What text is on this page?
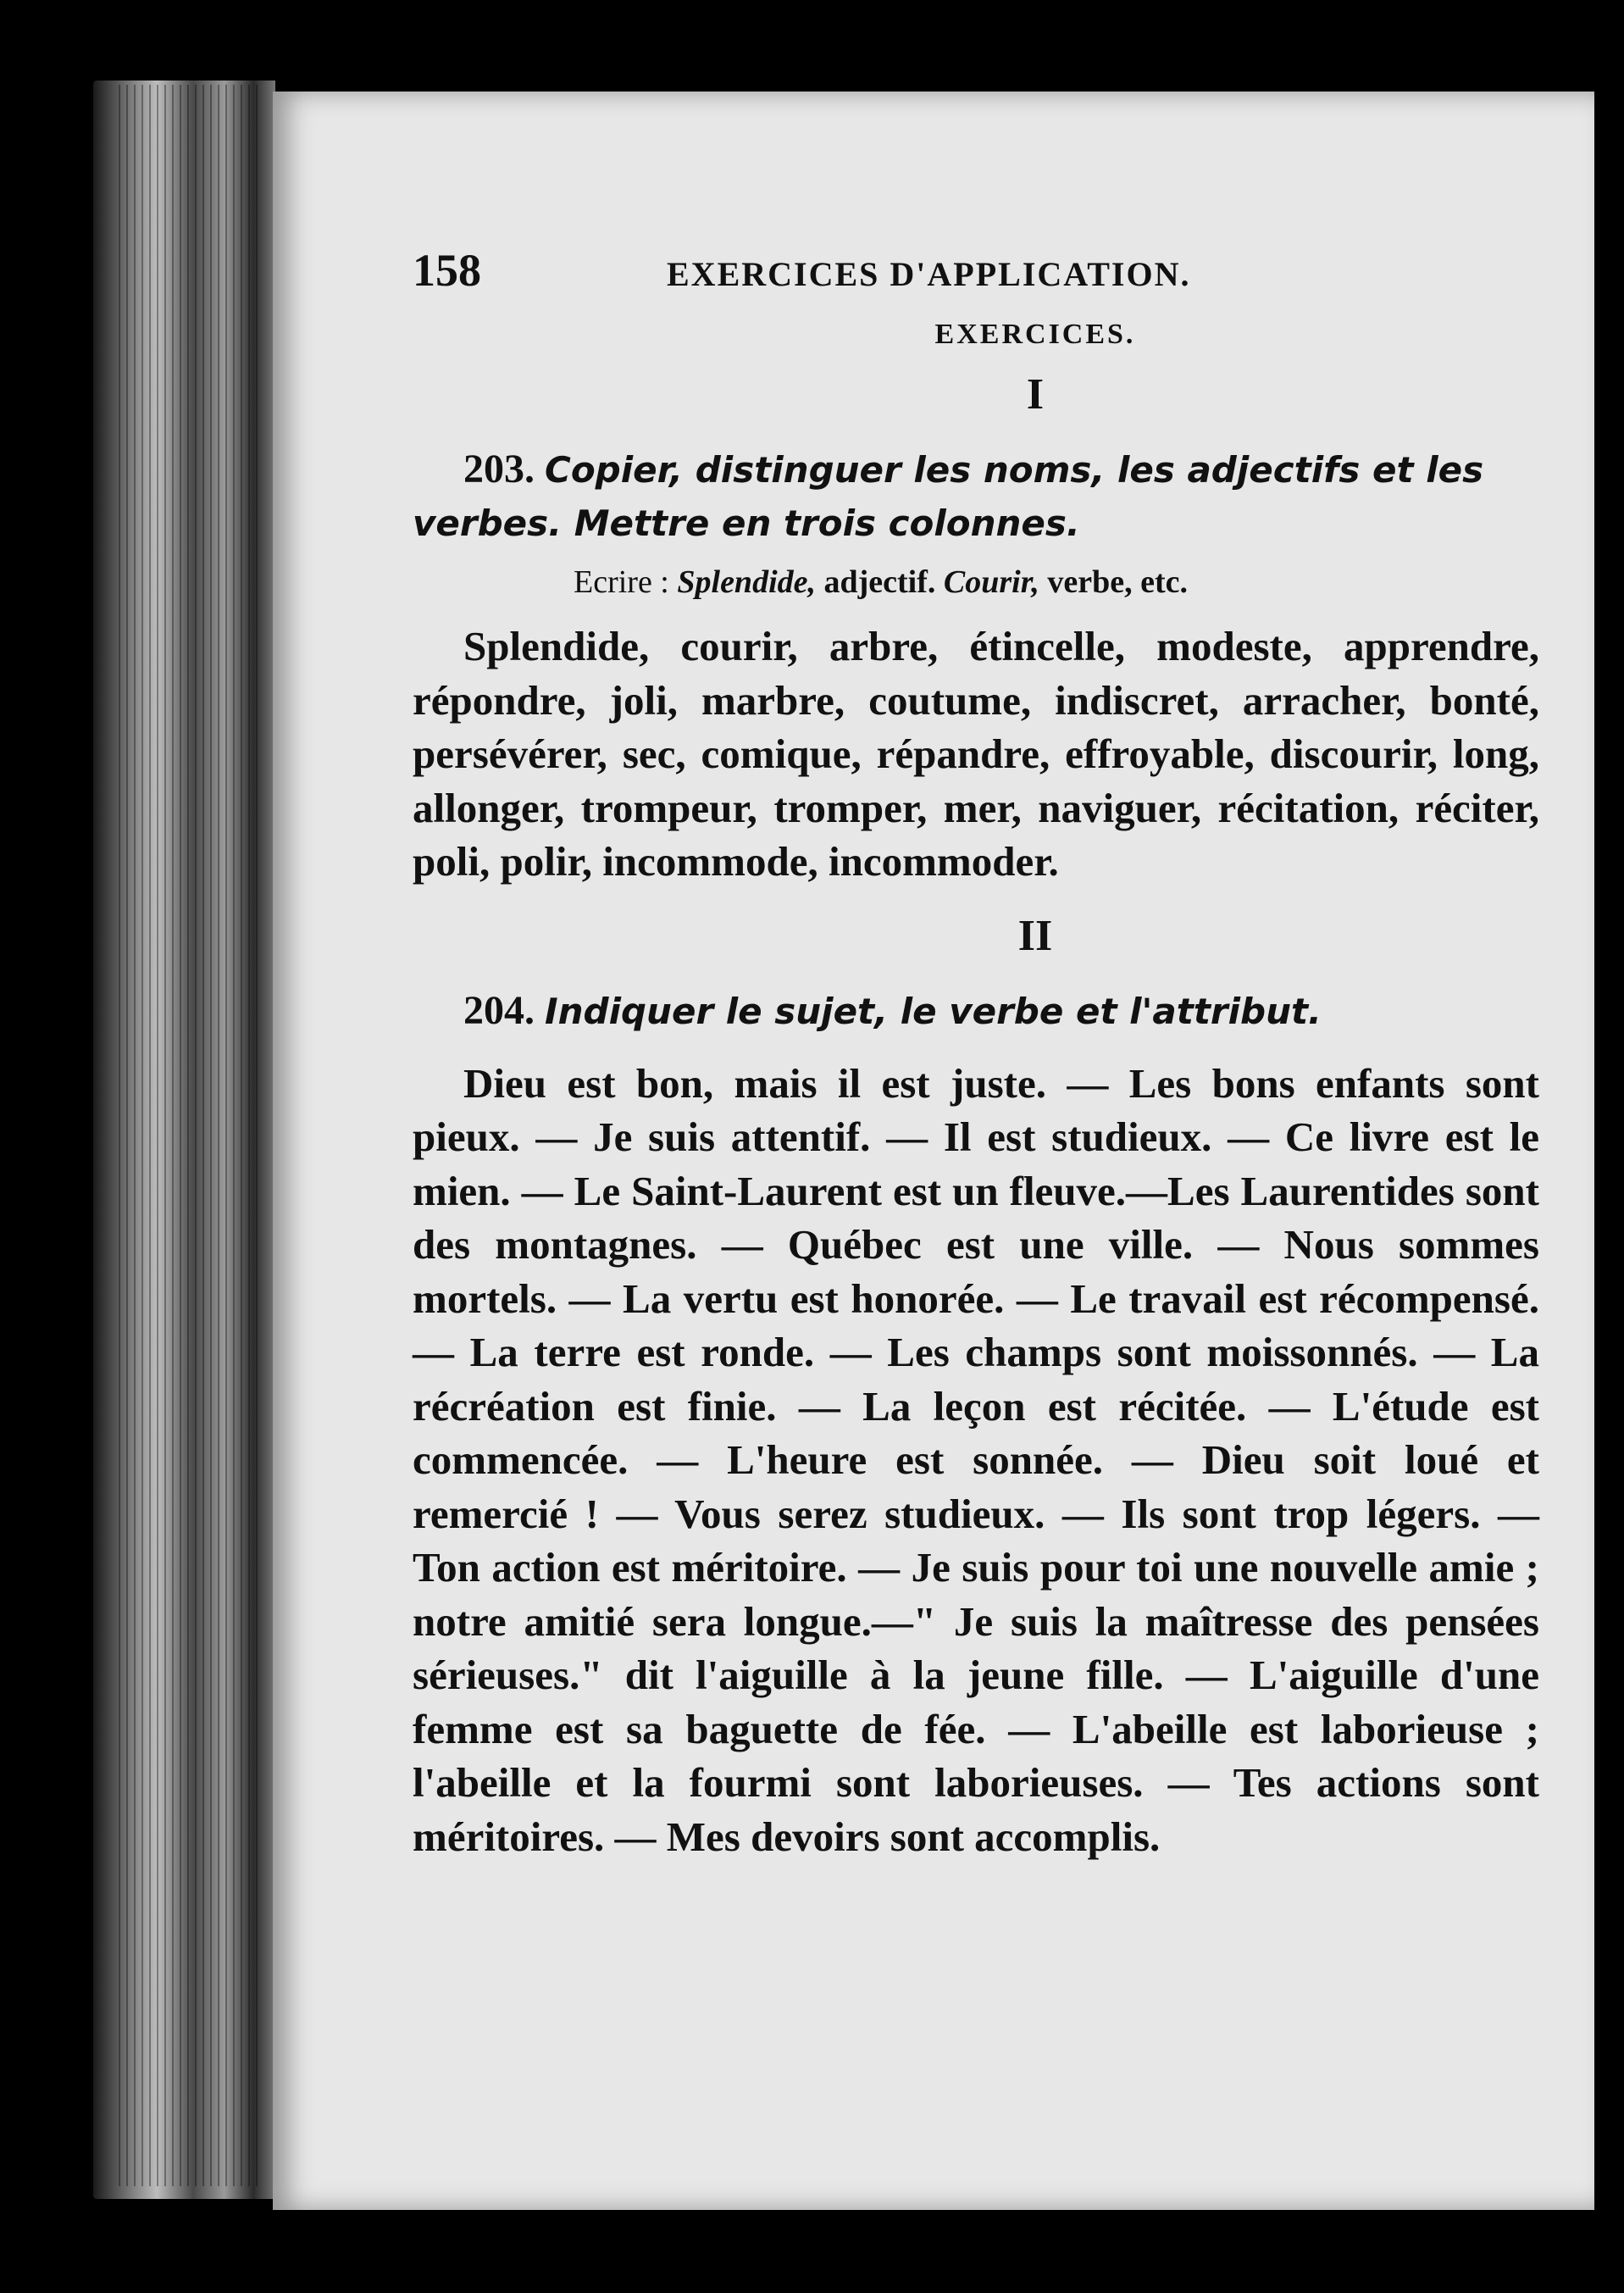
158	EXERCICES D'APPLICATION.
EXERCICES.
I
203. Copier, distinguer les noms, les adjectifs et les verbes. Mettre en trois colonnes.
Ecrire : Splendide, adjectif. Courir, verbe, etc.
Splendide, courir, arbre, étincelle, modeste, apprendre, répondre, joli, marbre, coutume, indiscret, arracher, bonté, persévérer, sec, comique, répandre, effroyable, discourir, long, allonger, trompeur, tromper, mer, naviguer, récitation, réciter, poli, polir, incommode, incommoder.
II
204. Indiquer le sujet, le verbe et l'attribut.
Dieu est bon, mais il est juste. — Les bons enfants sont pieux. — Je suis attentif. — Il est studieux. — Ce livre est le mien. — Le Saint-Laurent est un fleuve.—Les Laurentides sont des montagnes. — Québec est une ville. — Nous sommes mortels. — La vertu est honorée. — Le travail est récompensé. — La terre est ronde. — Les champs sont moissonnés. — La récréation est finie. — La leçon est récitée. — L'étude est commencée. — L'heure est sonnée. — Dieu soit loué et remercié ! — Vous serez studieux. — Ils sont trop légers. — Ton action est méritoire. — Je suis pour toi une nouvelle amie ; notre amitié sera longue.—" Je suis la maîtresse des pensées sérieuses." dit l'aiguille à la jeune fille. — L'aiguille d'une femme est sa baguette de fée. — L'abeille est laborieuse ; l'abeille et la fourmi sont laborieuses. — Tes actions sont méritoires. — Mes devoirs sont accomplis.
